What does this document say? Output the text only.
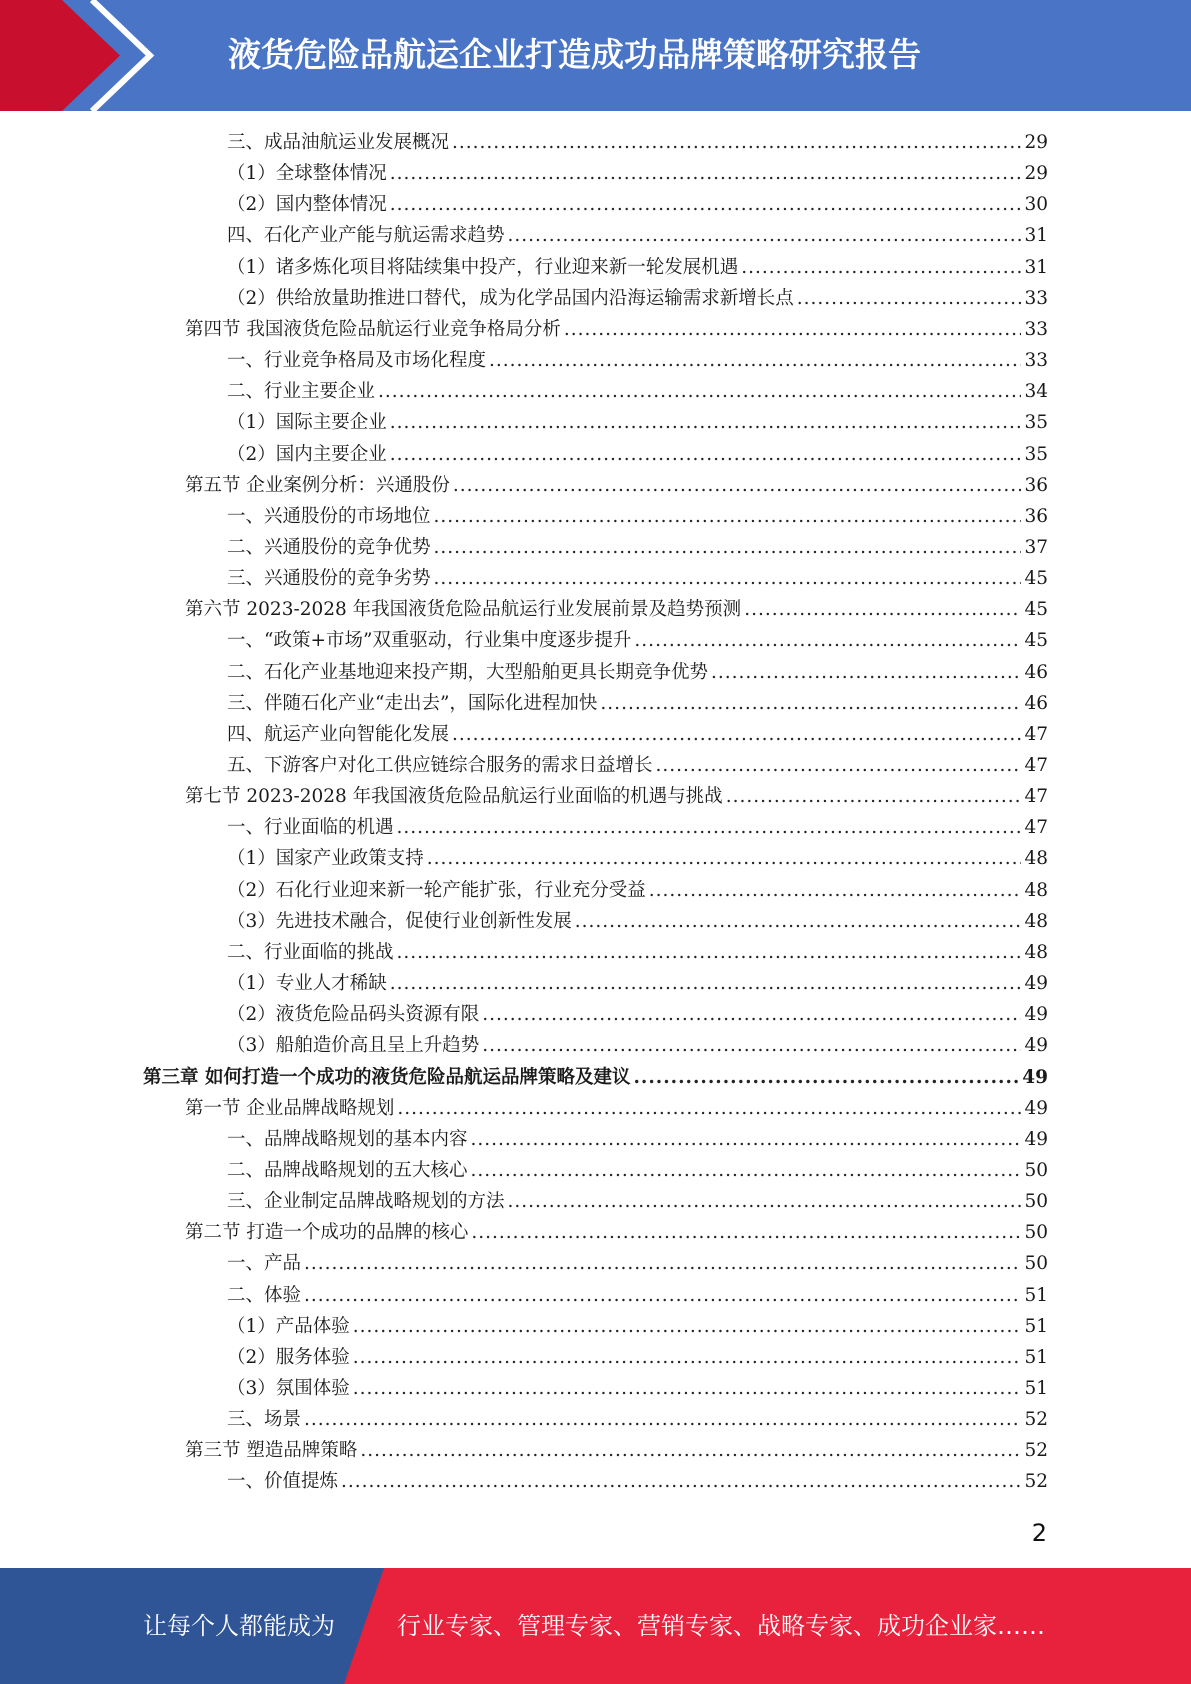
液货危险品航运企业打造成功品牌策略研究报告
三、成品油航运业发展概况 .....	29
（1）全球整体情况 .....	29
（2）国内整体情况 .....	30
四、石化产业产能与航运需求趋势 .....	31
（1）诸多炼化项目将陆续集中投产，行业迎来新一轮发展机遇 .....	31
（2）供给放量助推进口替代，成为化学品国内沿海运输需求新增长点 .....	33
第四节 我国液货危险品航运行业竞争格局分析 .....	33
一、行业竞争格局及市场化程度 .....	33
二、行业主要企业 .....	34
（1）国际主要企业 .....	35
（2）国内主要企业 .....	35
第五节 企业案例分析：兴通股份 .....	36
一、兴通股份的市场地位 .....	36
二、兴通股份的竞争优势 .....	37
三、兴通股份的竞争劣势 .....	45
第六节 2023-2028 年我国液货危险品航运行业发展前景及趋势预测 .....	45
一、“政策+市场”双重驱动，行业集中度逐步提升 .....	45
二、石化产业基地迎来投产期，大型船舶更具长期竞争优势 .....	46
三、伴随石化产业“走出去”，国际化进程加快 .....	46
四、航运产业向智能化发展 .....	47
五、下游客户对化工供应链综合服务的需求日益增长 .....	47
第七节 2023-2028 年我国液货危险品航运行业面临的机遇与挑战 .....	47
一、行业面临的机遇 .....	47
（1）国家产业政策支持 .....	48
（2）石化行业迎来新一轮产能扩张，行业充分受益 .....	48
（3）先进技术融合，促使行业创新性发展 .....	48
二、行业面临的挑战 .....	48
（1）专业人才稀缺 .....	49
（2）液货危险品码头资源有限 .....	49
（3）船舶造价高且呈上升趋势 .....	49
第三章 如何打造一个成功的液货危险品航运品牌策略及建议 .....	49
第一节 企业品牌战略规划 .....	49
一、品牌战略规划的基本内容 .....	49
二、品牌战略规划的五大核心 .....	50
三、企业制定品牌战略规划的方法 .....	50
第二节 打造一个成功的品牌的核心 .....	50
一、产品 .....	50
二、体验 .....	51
（1）产品体验 .....	51
（2）服务体验 .....	51
（3）氛围体验 .....	51
三、场景 .....	52
第三节 塑造品牌策略 .....	52
一、价值提炼 .....	52
2
让每个人都能成为	行业专家、管理专家、营销专家、战略专家、成功企业家……
